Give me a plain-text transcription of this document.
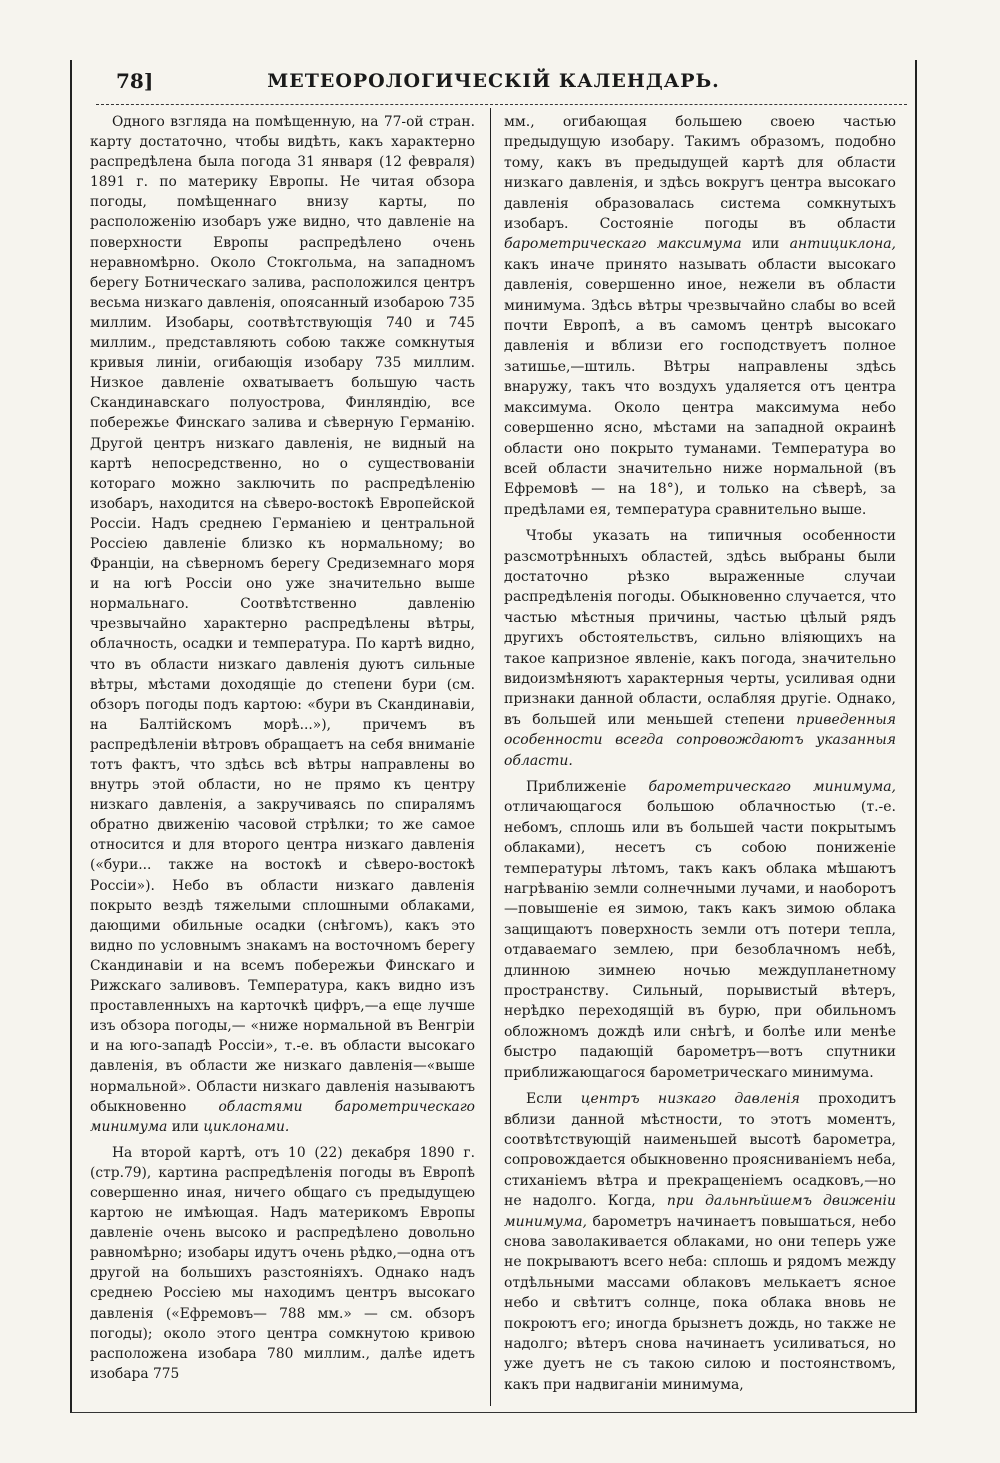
78]	МЕТЕОРОЛОГИЧЕСКІЙ КАЛЕНДАРЬ.

Одного взгляда на помѣщенную, на 77-ой стран. карту достаточно, чтобы видѣть, какъ характерно распредѣлена была погода 31 января (12 февраля) 1891 г. по материку Европы. Не читая обзора погоды, помѣщеннаго внизу карты, по расположенію изобаръ уже видно, что давленіе на поверхности Европы распредѣлено очень неравномѣрно. Около Стокгольма, на западномъ берегу Ботническаго залива, расположился центръ весьма низкаго давленія, опоясанный изобарою 735 миллим. Изобары, соотвѣтствующія 740 и 745 миллим., представляють собою также сомкнутыя кривыя линіи, огибающія изобару 735 миллим. Низкое давленіе охватываетъ большую часть Скандинавскаго полуострова, Финляндію, все побережье Финскаго залива и сѣверную Германію. Другой центръ низкаго давленія, не видный на картѣ непосредственно, но о существованіи котораго можно заключить по распредѣленію изобаръ, находится на сѣверо-востокѣ Европейской Россіи. Надъ среднею Германіею и центральной Россіею давленіе близко къ нормальному; во Франціи, на сѣверномъ берегу Средиземнаго моря и на югѣ Россіи оно уже значительно выше нормальнаго. Соотвѣтственно давленію чрезвычайно характерно распредѣлены вѣтры, облачность, осадки и температура. По картѣ видно, что въ области низкаго давленія дуютъ сильные вѣтры, мѣстами доходящіе до степени бури (см. обзоръ погоды подъ картою: «бури въ Скандинавіи, на Балтійскомъ морѣ...»), причемъ въ распредѣленіи вѣтровъ обращаетъ на себя вниманіе тотъ фактъ, что здѣсь всѣ вѣтры направлены во внутрь этой области, но не прямо къ центру низкаго давленія, а закручиваясь по спиралямъ обратно движенію часовой стрѣлки; то же самое относится и для второго центра низкаго давленія («бури... также на востокѣ и сѣверо-востокѣ Россіи»). Небо въ области низкаго давленія покрыто вездѣ тяжелыми сплошными облаками, дающими обильные осадки (снѣгомъ), какъ это видно по условнымъ знакамъ на восточномъ берегу Скандинавіи и на всемъ побережьи Финскаго и Рижскаго заливовъ. Температура, какъ видно изъ проставленныхъ на карточкѣ цифръ,—а еще лучше изъ обзора погоды,— «ниже нормальной въ Венгріи и на юго-западѣ Россіи», т.-е. въ области высокаго давленія, въ области же низкаго давленія—«выше нормальной». Области низкаго давленія называютъ обыкновенно областями барометрическаго минимума или циклонами.

На второй картѣ, отъ 10 (22) декабря 1890 г. (стр.79), картина распредѣленія погоды въ Европѣ совершенно иная, ничего общаго съ предыдущею картою не имѣющая. Надъ материкомъ Европы давленіе очень высоко и распредѣлено довольно равномѣрно; изобары идутъ очень рѣдко,—одна отъ другой на большихъ разстояніяхъ. Однако надъ среднею Россіею мы находимъ центръ высокаго давленія («Ефремовъ— 788 мм.» — см. обзоръ погоды); около этого центра сомкнутою кривою расположена изобара 780 миллим., далѣе идетъ изобара 775

мм., огибающая большею своею частью предыдущую изобару. Такимъ образомъ, подобно тому, какъ въ предыдущей картѣ для области низкаго давленія, и здѣсь вокругъ центра высокаго давленія образовалась система сомкнутыхъ изобаръ. Состояніе погоды въ области барометрическаго максимума или антициклона, какъ иначе принято называть области высокаго давленія, совершенно иное, нежели въ области минимума. Здѣсь вѣтры чрезвычайно слабы во всей почти Европѣ, а въ самомъ центрѣ высокаго давленія и вблизи его господствуетъ полное затишье,—штиль. Вѣтры направлены здѣсь внаружу, такъ что воздухъ удаляется отъ центра максимума. Около центра максимума небо совершенно ясно, мѣстами на западной окраинѣ области оно покрыто туманами. Температура во всей области значительно ниже нормальной (въ Ефремовѣ — на 18°), и только на сѣверѣ, за предѣлами ея, температура сравнительно выше.

Чтобы указать на типичныя особенности разсмотрѣнныхъ областей, здѣсь выбраны были достаточно рѣзко выраженные случаи распредѣленія погоды. Обыкновенно случается, что частью мѣстныя причины, частью цѣлый рядъ другихъ обстоятельствъ, сильно вліяющихъ на такое капризное явленіе, какъ погода, значительно видоизмѣняютъ характерныя черты, усиливая одни признаки данной области, ослабляя другіе. Однако, въ большей или меньшей степени приведенныя особенности всегда сопровождаютъ указанныя области.

Приближеніе барометрическаго минимума, отличающагося большою облачностью (т.-е. небомъ, сплошь или въ большей части покрытымъ облаками), несетъ съ собою пониженіе температуры лѣтомъ, такъ какъ облака мѣшаютъ нагрѣванію земли солнечными лучами, и наоборотъ—повышеніе ея зимою, такъ какъ зимою облака защищаютъ поверхность земли отъ потери тепла, отдаваемаго землею, при безоблачномъ небѣ, длинною зимнею ночью междупланетному пространству. Сильный, порывистый вѣтеръ, нерѣдко переходящій въ бурю, при обильномъ обложномъ дождѣ или снѣгѣ, и болѣе или менѣе быстро падающій барометръ—вотъ спутники приближающагося барометрическаго минимума.

Если центръ низкаго давленія проходитъ вблизи данной мѣстности, то этотъ моментъ, соотвѣтствующій наименьшей высотѣ барометра, сопровождается обыкновенно проясниваніемъ неба, стиханіемъ вѣтра и прекращеніемъ осадковъ,—но не надолго. Когда, при дальнѣйшемъ движеніи минимума, барометръ начинаетъ повышаться, небо снова заволакивается облаками, но они теперь уже не покрываютъ всего неба: сплошь и рядомъ между отдѣльными массами облаковъ мелькаетъ ясное небо и свѣтитъ солнце, пока облака вновь не покроютъ его; иногда брызнетъ дождь, но также не надолго; вѣтеръ снова начинаетъ усиливаться, но уже дуетъ не съ такою силою и постоянствомъ, какъ при надвиганіи минимума,
